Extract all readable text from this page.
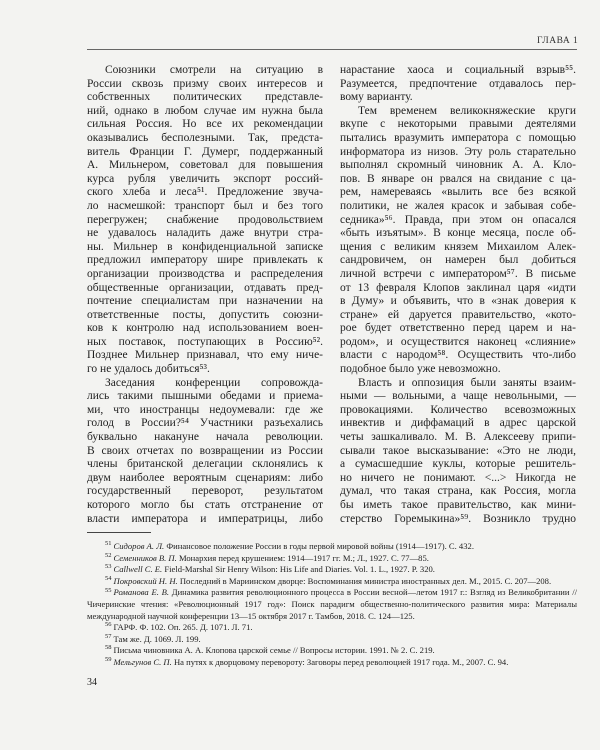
ГЛАВА 1
Союзники смотрели на ситуацию в
России сквозь призму своих интересов и
собственных политических представле-
ний, однако в любом случае им нужна была
сильная Россия. Но все их рекомендации
оказывались бесполезными. Так, предста-
витель Франции Г. Думерг, поддержанный
А. Мильнером, советовал для повышения
курса рубля увеличить экспорт россий-
ского хлеба и леса⁵¹. Предложение звуча-
ло насмешкой: транспорт был и без того
перегружен; снабжение продовольствием
не удавалось наладить даже внутри стра-
ны. Мильнер в конфиденциальной записке
предложил императору шире привлекать к
организации производства и распределения
общественные организации, отдавать пред-
почтение специалистам при назначении на
ответственные посты, допустить союзни-
ков к контролю над использованием воен-
ных поставок, поступающих в Россию⁵².
Позднее Мильнер признавал, что ему ниче-
го не удалось добиться⁵³.
Заседания конференции сопровожда-
лись такими пышными обедами и приема-
ми, что иностранцы недоумевали: где же
голод в России?⁵⁴ Участники разъехались
буквально накануне начала революции.
В своих отчетах по возвращении из России
члены британской делегации склонялись к
двум наиболее вероятным сценариям: либо
государственный переворот, результатом
которого могло бы стать отстранение от
власти императора и императрицы, либо
нарастание хаоса и социальный взрыв⁵⁵.
Разумеется, предпочтение отдавалось пер-
вому варианту.
Тем временем великокняжеские круги
вкупе с некоторыми правыми деятелями
пытались вразумить императора с помощью
информатора из низов. Эту роль старательно
выполнял скромный чиновник А. А. Кло-
пов. В январе он рвался на свидание с ца-
рем, намереваясь «вылить все без всякой
политики, не жалея красок и забывая собе-
седника»⁵⁶. Правда, при этом он опасался
«быть изъятым». В конце месяца, после об-
щения с великим князем Михаилом Алек-
сандровичем, он намерен был добиться
личной встречи с императором⁵⁷. В письме
от 13 февраля Клопов заклинал царя «идти
в Думу» и объявить, что в «знак доверия к
стране» ей даруется правительство, «кото-
рое будет ответственно перед царем и на-
родом», и осуществится наконец «слияние»
власти с народом⁵⁸. Осуществить что-либо
подобное было уже невозможно.
Власть и оппозиция были заняты взаим-
ными — вольными, а чаще невольными, —
провокациями. Количество всевозможных
инвектив и диффамаций в адрес царской
четы зашкаливало. М. В. Алексееву припи-
сывали такое высказывание: «Это не люди,
а сумасшедшие куклы, которые решитель-
но ничего не понимают. <...> Никогда не
думал, что такая страна, как Россия, могла
бы иметь такое правительство, как мини-
стерство Горемыкина»⁵⁹. Возникло трудно

$^{51}$ Сидоров А. Л. Финансовое положение России в годы первой мировой войны (1914—1917). С. 432.

$^{52}$ Семенников В. П. Монархия перед крушением: 1914—1917 гг. М.; Л., 1927. С. 77—85.

$^{53}$ Callwell C. E. Field-Marshal Sir Henry Wilson: His Life and Diaries. Vol. 1. L., 1927. P. 320.

$^{54}$ Покровский Н. Н. Последний в Мариинском дворце: Воспоминания министра иностранных дел. М., 2015. С. 207—208.

$^{55}$ Романова Е. В. Динамика развития революционного процесса в России весной—летом 1917 г.: Взгляд из Великобритании // Чичеринские чтения: «Революционный 1917 год»: Поиск парадигм общественно-политического развития мира: Материалы международной научной конференции 13—15 октября 2017 г. Тамбов, 2018. С. 124—125.

$^{56}$ ГАРФ. Ф. 102. Оп. 265. Д. 1071. Л. 71.

$^{57}$ Там же. Д. 1069. Л. 199.

$^{58}$ Письма чиновника А. А. Клопова царской семье // Вопросы истории. 1991. № 2. С. 219.

$^{59}$ Мельгунов С. П. На путях к дворцовому перевороту: Заговоры перед революцией 1917 года. М., 2007. С. 94.

34
